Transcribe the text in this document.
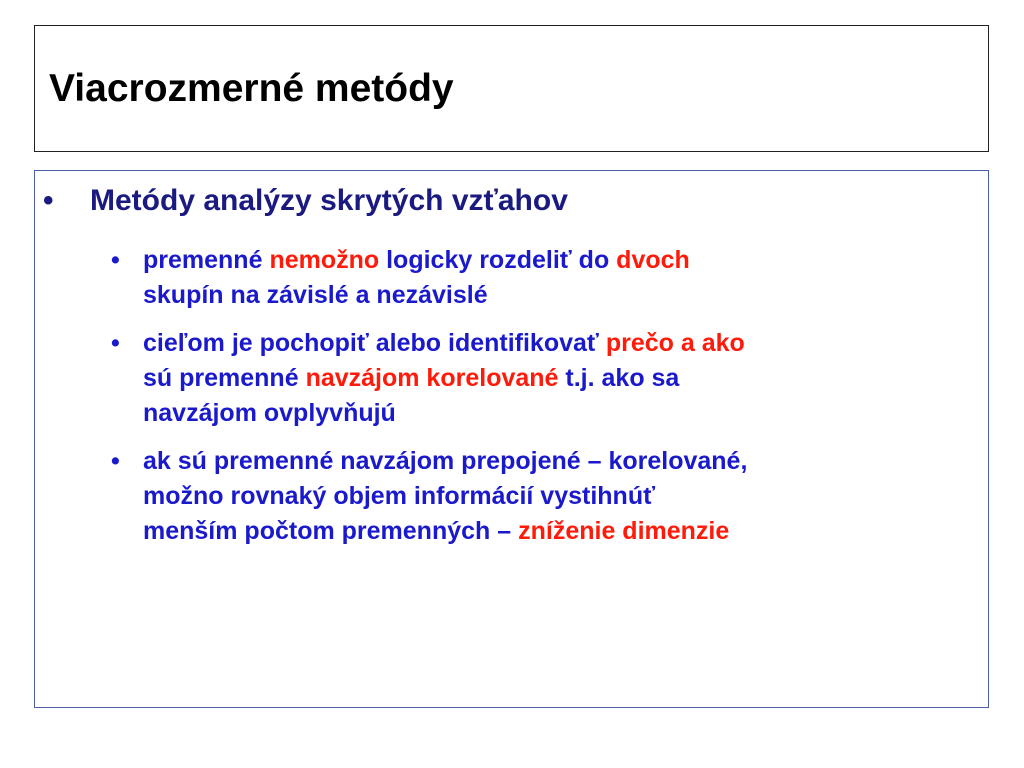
Viacrozmerné metódy
• Metódy analýzy skrytých vzťahov
• premenné nemožno logicky rozdeliť do dvoch
skupín na závislé a nezávislé
• cieľom je pochopiť alebo identifikovať prečo a ako
sú premenné navzájom korelované t.j. ako sa
navzájom ovplyvňujú
• ak sú premenné navzájom prepojené – korelované,
možno rovnaký objem informácií vystihnúť
menším počtom premenných – zníženie dimenzie
